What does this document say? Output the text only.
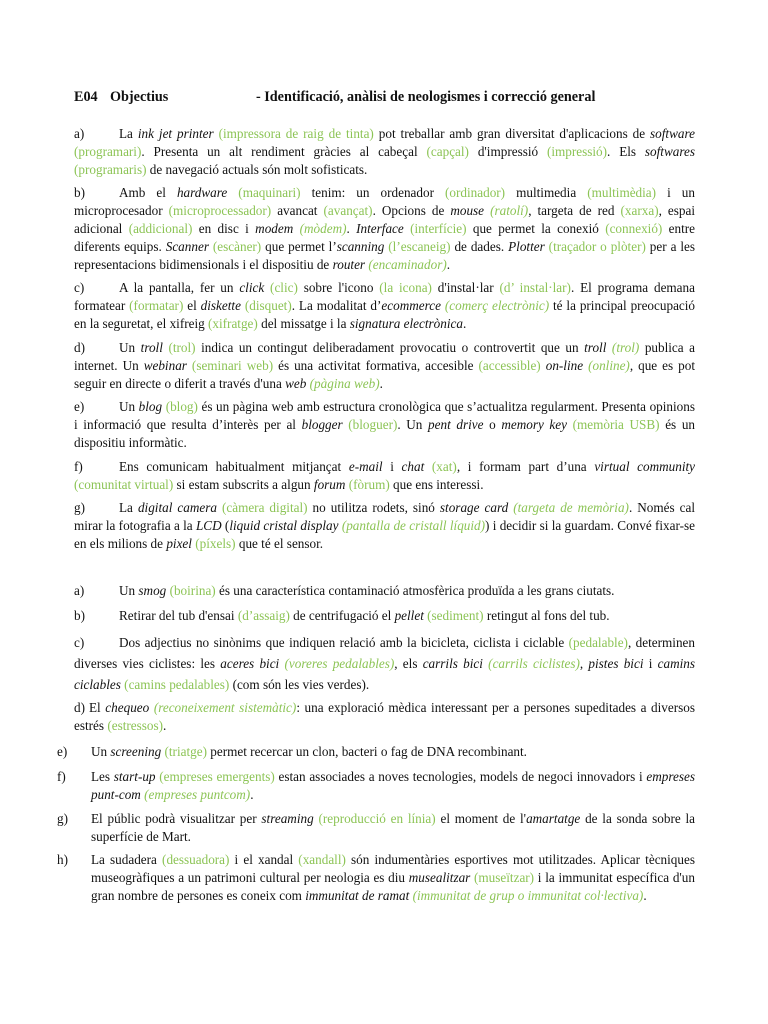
E04 Objectius	- Identificació, anàlisi de neologismes i correcció general

a)	La ink jet printer (impressora de raig de tinta) pot treballar amb gran diversitat d'aplicacions de software (programari). Presenta un alt rendiment gràcies al cabeçal (capçal) d'impressió (impressió). Els softwares (programaris) de navegació actuals són molt sofisticats.

b)	Amb el hardware (maquinari) tenim: un ordenador (ordinador) multimedia (multimèdia) i un microprocesador (microprocessador) avancat (avançat). Opcions de mouse (ratolí), targeta de red (xarxa), espai adicional (addicional) en disc i modem (mòdem). Interface (interfície) que permet la conexió (connexió) entre diferents equips. Scanner (escàner) que permet l’scanning (l’escaneig) de dades. Plotter (traçador o plòter) per a les representacions bidimensionals i el dispositiu de router (encaminador).

c)	A la pantalla, fer un click (clic) sobre l'icono (la icona) d'instal·lar (d’ instal·lar). El programa demana formatear (formatar) el diskette (disquet). La modalitat d’ecommerce (comerç electrònic) té la principal preocupació en la seguretat, el xifreig (xifratge) del missatge i la signatura electrònica.

d)	Un troll (trol) indica un contingut deliberadament provocatiu o controvertit que un troll (trol) publica a internet. Un webinar (seminari web) és una activitat formativa, accesible (accessible) on-line (online), que es pot seguir en directe o diferit a través d'una web (pàgina web).

e)	Un blog (blog) és un pàgina web amb estructura cronològica que s’actualitza regularment. Presenta opinions i informació que resulta d’interès per al blogger (bloguer). Un pent drive o memory key (memòria USB) és un dispositiu informàtic.

f)	Ens comunicam habitualment mitjançat e-mail i chat (xat), i formam part d’una virtual community (comunitat virtual) si estam subscrits a algun forum (fòrum) que ens interessi.

g)	La digital camera (càmera digital) no utilitza rodets, sinó storage card (targeta de memòria). Només cal mirar la fotografia a la LCD (liquid cristal display (pantalla de cristall líquid)) i decidir si la guardam. Convé fixar-se en els milions de pixel (píxels) que té el sensor.

a)	Un smog (boirina) és una característica contaminació atmosfèrica produïda a les grans ciutats.

b)	Retirar del tub d'ensai (d’assaig) de centrifugació el pellet (sediment) retingut al fons del tub.

c)	Dos adjectius no sinònims que indiquen relació amb la bicicleta, ciclista i ciclable (pedalable), determinen diverses vies ciclistes: les aceres bici (voreres pedalables), els carrils bici (carrils ciclistes), pistes bici i camins ciclables (camins pedalables) (com són les vies verdes).

d) El chequeo (reconeixement sistemàtic): una exploració mèdica interessant per a persones supeditades a diversos estrés (estressos).

e) Un screening (triatge) permet recercar un clon, bacteri o fag de DNA recombinant.

f) Les start-up (empreses emergents) estan associades a noves tecnologies, models de negoci innovadors i empreses punt-com (empreses puntcom).

g) El públic podrà visualitzar per streaming (reproducció en línia) el moment de l'amartatge de la sonda sobre la superfície de Mart.

h) La sudadera (dessuadora) i el xandal (xandall) són indumentàries esportives mot utilitzades. Aplicar tècniques museogràfiques a un patrimoni cultural per neologia es diu musealitzar (museïtzar) i la immunitat específica d'un gran nombre de persones es coneix com immunitat de ramat (immunitat de grup o immunitat col·lectiva).
